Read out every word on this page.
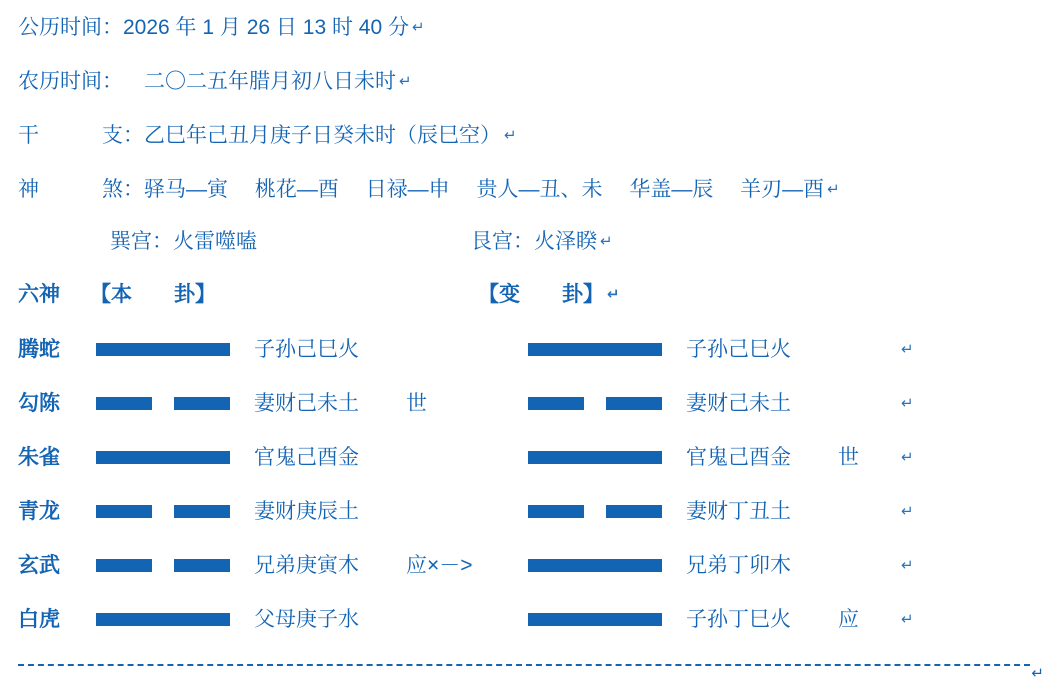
公历时间： 2026 年 1 月 26 日 13 时 40 分 ↵
农历时间： 　二〇二五年腊月初八日未时 ↵
干　　　支： 乙巳年己丑月庚子日癸未时（辰巳空） ↵
神　　　煞： 驿马—寅　 桃花—酉　 日禄—申　 贵人—丑、未　 华盖—辰　 羊刃—酉 ↵
巽宫：火雷噬嗑	艮宫：火泽睽 ↵
六神	【本　　卦】	【变　　卦】 ↵
腾蛇	子孙己巳火	子孙己巳火	↵
勾陈	妻财己未土	世	妻财己未土	↵
朱雀	官鬼己酉金	官鬼己酉金	世	↵
青龙	妻财庚辰土	妻财丁丑土	↵
玄武	兄弟庚寅木	应×－>	兄弟丁卯木	↵
白虎	父母庚子水	子孙丁巳火	应	↵
↵
